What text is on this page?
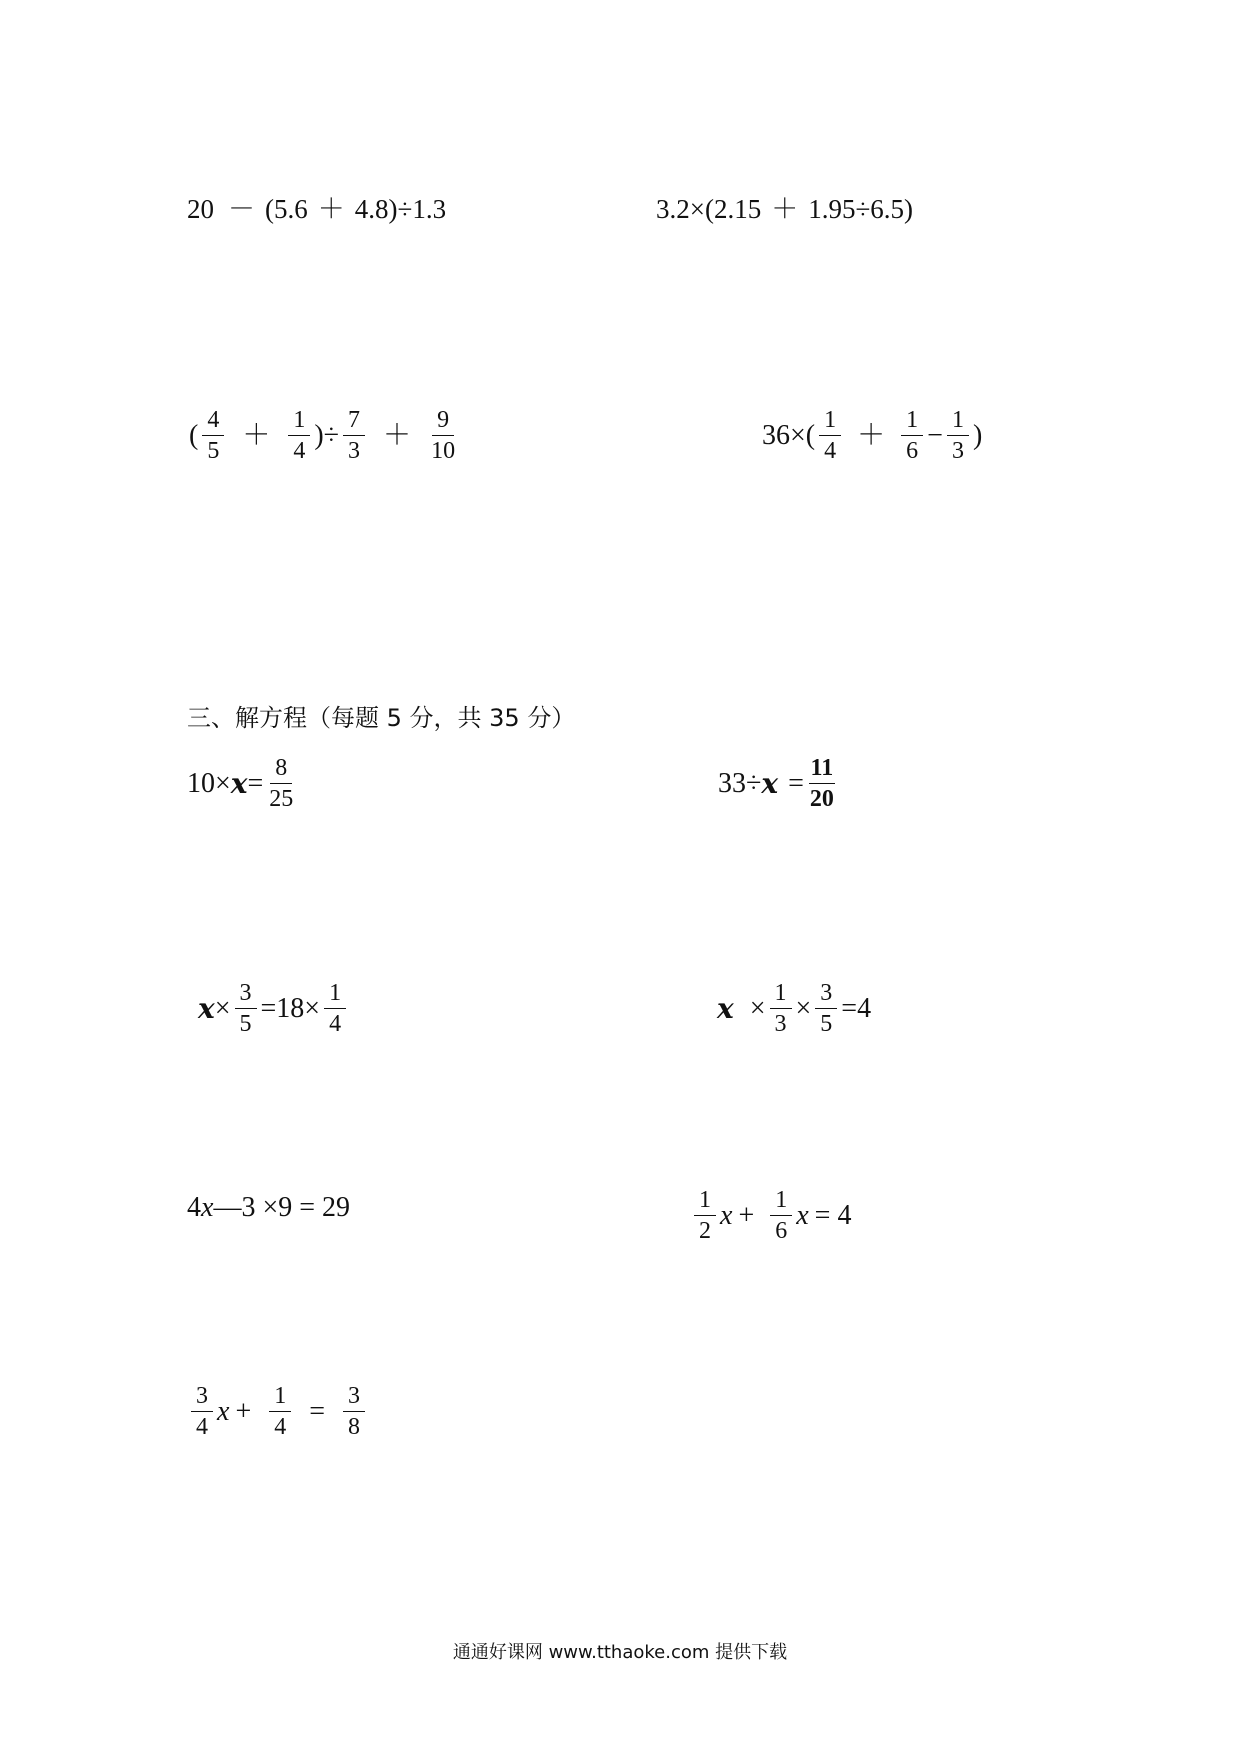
20 － (5.6 ＋ 4.8) ÷1.3	3.2×(2.15 ＋ 1.95÷6.5)
( $\frac{4}{5} + \frac{1}{4}$ )÷ $\frac{7}{3} + \frac{9}{10}$	$36\times( \frac{1}{4} + \frac{1}{6} - \frac{1}{3}$ )
三、解方程（每题 5 分，共 35 分）
$10\times x = \frac{8}{25}$	$33\div x = \frac{11}{20}$
$x \times \frac{3}{5} =18\times \frac{1}{4}$	$x \times \frac{1}{3} \times \frac{3}{5} =4$
4 x —3 ×9 = 29	$\frac{1}{2}$ $x + \frac{1}{6}$ x = 4
$\frac{3}{4}$ $x + \frac{1}{4} = \frac{3}{8}$
通通好课网 www.tthaoke.com 提供下载
